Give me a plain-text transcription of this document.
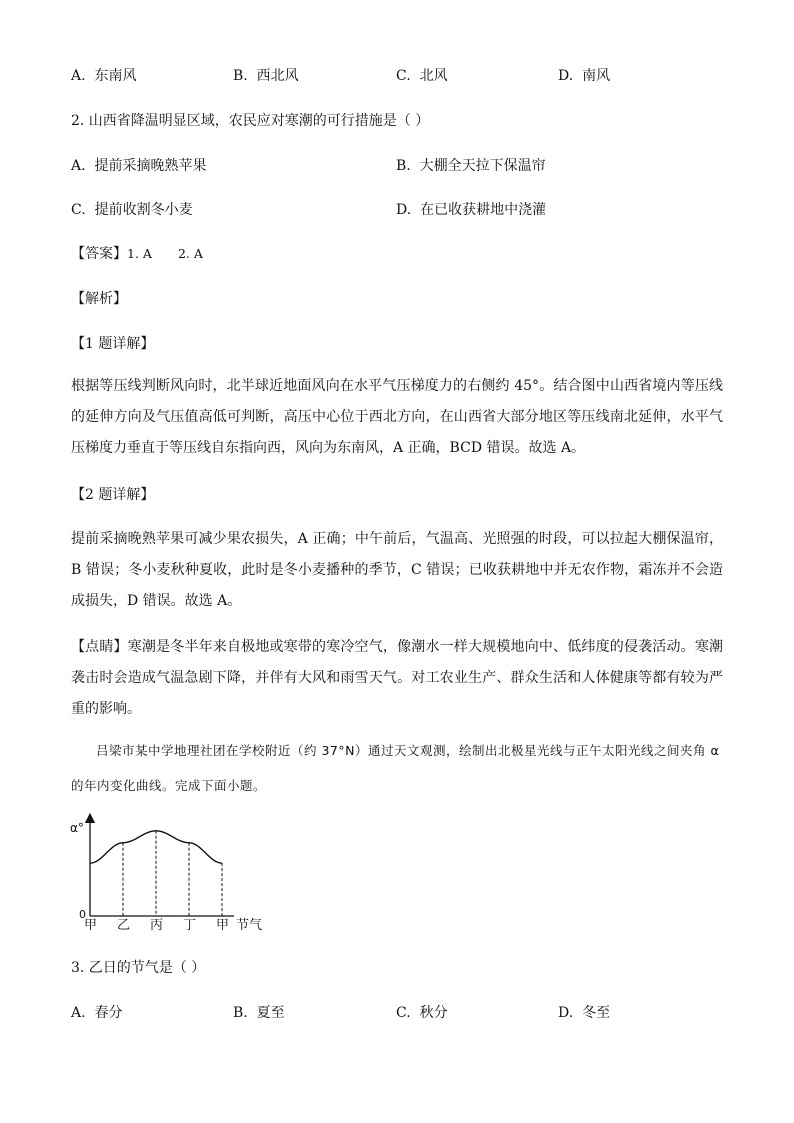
A. 东南风	B. 西北风	C. 北风	D. 南风
2. 山西省降温明显区域，农民应对寒潮的可行措施是（ ）
A. 提前采摘晚熟苹果	B. 大棚全天拉下保温帘
C. 提前收割冬小麦	D. 在已收获耕地中浇灌
【答案】1. A 2. A
【解析】
【1 题详解】
根据等压线判断风向时，北半球近地面风向在水平气压梯度力的右侧约 45°。结合图中山西省境内等压线的延伸方向及气压值高低可判断，高压中心位于西北方向，在山西省大部分地区等压线南北延伸，水平气压梯度力垂直于等压线自东指向西，风向为东南风，A 正确，BCD 错误。故选 A。
【2 题详解】
提前采摘晚熟苹果可减少果农损失，A 正确；中午前后，气温高、光照强的时段，可以拉起大棚保温帘，B 错误；冬小麦秋种夏收，此时是冬小麦播种的季节，C 错误；已收获耕地中并无农作物，霜冻并不会造成损失，D 错误。故选 A。
【点睛】寒潮是冬半年来自极地或寒带的寒冷空气，像潮水一样大规模地向中、低纬度的侵袭活动。寒潮袭击时会造成气温急剧下降，并伴有大风和雨雪天气。对工农业生产、群众生活和人体健康等都有较为严重的影响。
吕梁市某中学地理社团在学校附近（约 37°N）通过天文观测，绘制出北极星光线与正午太阳光线之间夹角 α 的年内变化曲线。完成下面小题。
α°
0
甲 乙 丙 丁 甲 节气
3. 乙日的节气是（ ）
A. 春分	B. 夏至	C. 秋分	D. 冬至
